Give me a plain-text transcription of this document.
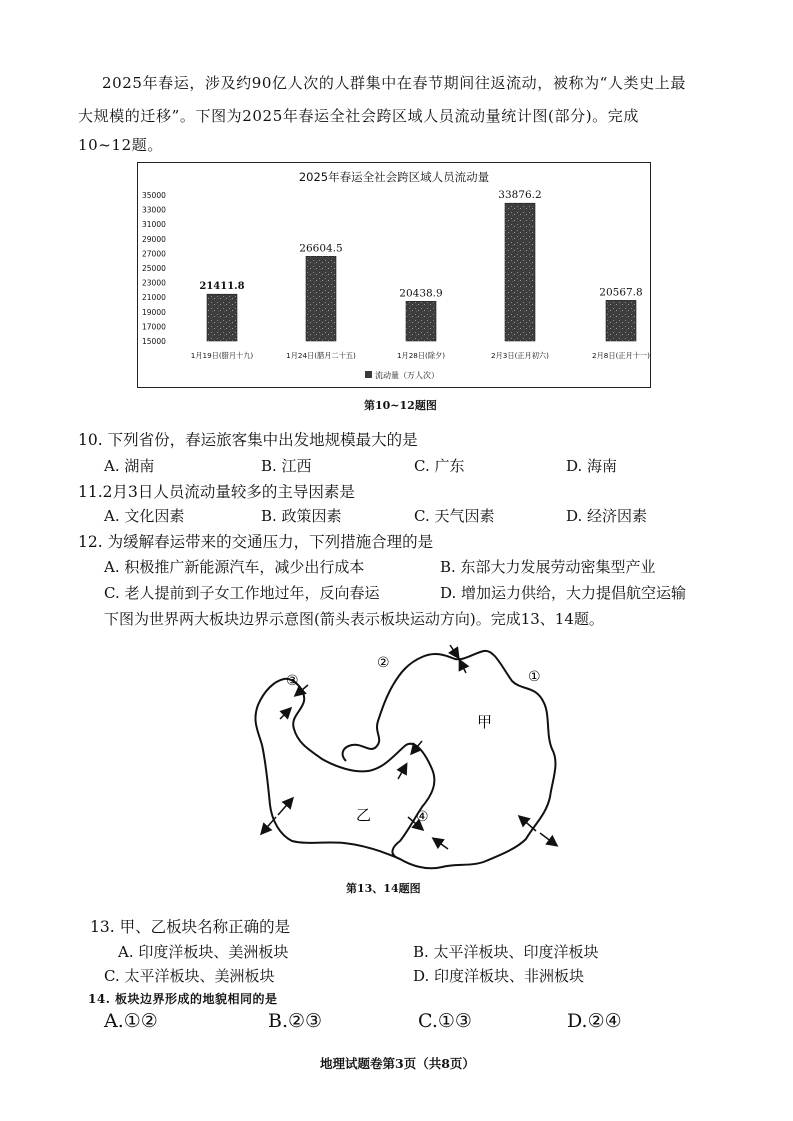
2025年春运，涉及约90亿人次的人群集中在春节期间往返流动，被称为“人类史上最
大规模的迁移”。下图为2025年春运全社会跨区域人员流动量统计图(部分)。完成
10~12题。
2025年春运全社会跨区域人员流动量
35000
33000
31000
29000
27000
25000
23000
21000
19000
17000
15000
21411.8
26604.5
20438.9
33876.2
20567.8
1月19日(腊月十九)	1月24日(腊月二十五)	1月28日(除夕)	2月3日(正月初六)	2月8日(正月十一)
流动量（万人次）
第10~12题图
10. 下列省份，春运旅客集中出发地规模最大的是
A. 湖南	B. 江西	C. 广东	D. 海南
11.2月3日人员流动量较多的主导因素是
A. 文化因素	B. 政策因素	C. 天气因素	D. 经济因素
12. 为缓解春运带来的交通压力，下列措施合理的是
A. 积极推广新能源汽车，减少出行成本	B. 东部大力发展劳动密集型产业
C. 老人提前到子女工作地过年，反向春运	D. 增加运力供给，大力提倡航空运输
下图为世界两大板块边界示意图(箭头表示板块运动方向)。完成13、14题。
甲
乙
①
②
③
④
第13、14题图
13. 甲、乙板块名称正确的是
A. 印度洋板块、美洲板块	B. 太平洋板块、印度洋板块
C. 太平洋板块、美洲板块	D. 印度洋板块、非洲板块
14. 板块边界形成的地貌相同的是
A.①②	B.②③	C.①③	D.②④
地理试题卷第3页（共8页）
